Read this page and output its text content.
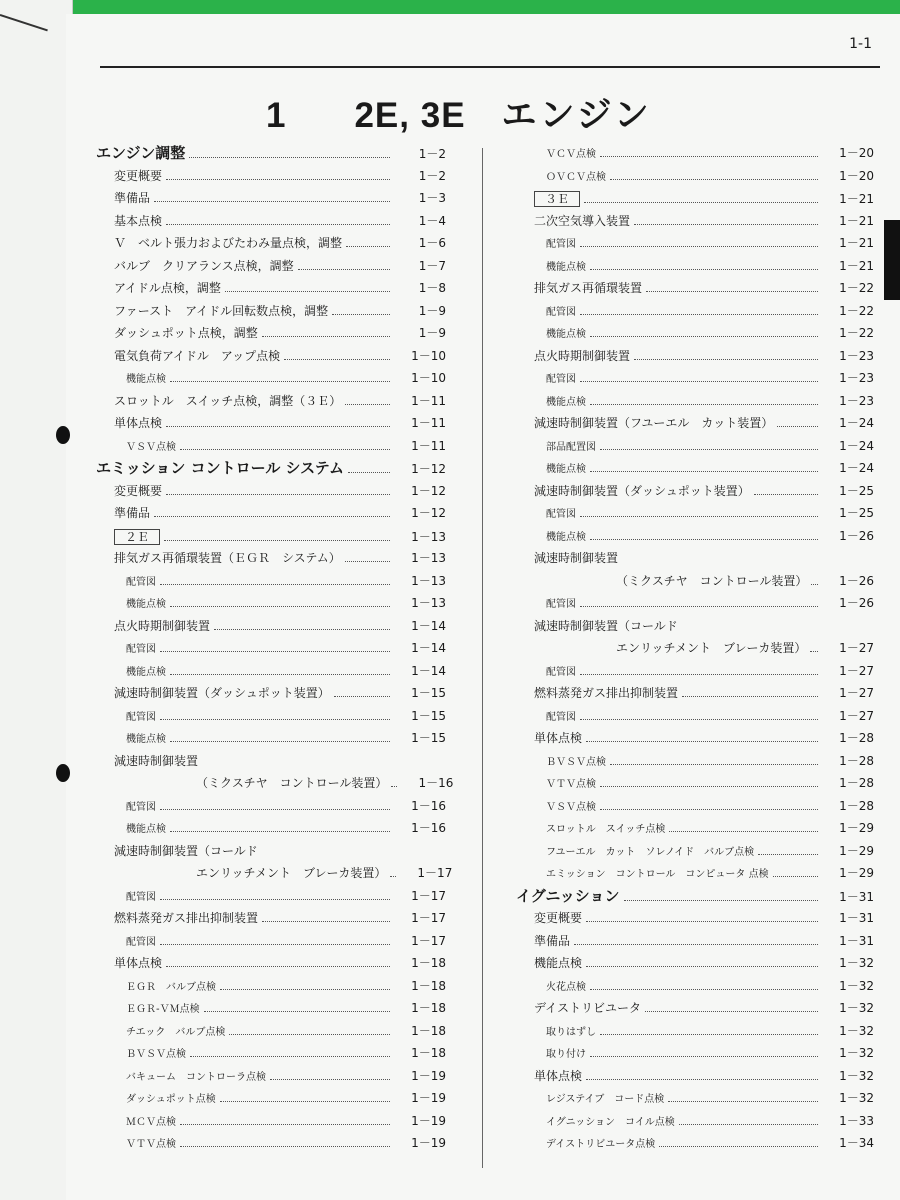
1-1
1 2E, 3E エンジン
エンジン調整	1－2
変更概要	1－2
準備品	1－3
基本点検	1－4
Ｖ　ベルト張力およびたわみ量点検，調整	1－6
バルブ　クリアランス点検，調整	1－7
アイドル点検，調整	1－8
ファースト　アイドル回転数点検，調整	1－9
ダッシュポット点検，調整	1－9
電気負荷アイドル　アップ点検	1－10
機能点検	1－10
スロットル　スイッチ点検，調整（３Ｅ）	1－11
単体点検	1－11
ＶＳＶ点検	1－11
エミッション コントロール システム	1－12
変更概要	1－12
準備品	1－12
２Ｅ	1－13
排気ガス再循環装置（ＥＧＲ　システム）	1－13
配管図	1－13
機能点検	1－13
点火時期制御装置	1－14
配管図	1－14
機能点検	1－14
減速時制御装置（ダッシュポット装置）	1－15
配管図	1－15
機能点検	1－15
減速時制御装置
（ミクスチヤ　コントロール装置）	1－16
配管図	1－16
機能点検	1－16
減速時制御装置（コールド
エンリッチメント　ブレーカ装置）	1－17
配管図	1－17
燃料蒸発ガス排出抑制装置	1－17
配管図	1－17
単体点検	1－18
ＥＧＲ　バルブ点検	1－18
ＥＧＲ-ＶＭ点検	1－18
チエック　バルブ点検	1－18
ＢＶＳＶ点検	1－18
バキューム　コントローラ点検	1－19
ダッシュポット点検	1－19
ＭＣＶ点検	1－19
ＶＴＶ点検	1－19
ＶＣＶ点検	1－20
ＯＶＣＶ点検	1－20
３Ｅ	1－21
二次空気導入装置	1－21
配管図	1－21
機能点検	1－21
排気ガス再循環装置	1－22
配管図	1－22
機能点検	1－22
点火時期制御装置	1－23
配管図	1－23
機能点検	1－23
減速時制御装置（フユーエル　カット装置）	1－24
部品配置図	1－24
機能点検	1－24
減速時制御装置（ダッシュポット装置）	1－25
配管図	1－25
機能点検	1－26
減速時制御装置
（ミクスチヤ　コントロール装置）	1－26
配管図	1－26
減速時制御装置（コールド
エンリッチメント　ブレーカ装置）	1－27
配管図	1－27
燃料蒸発ガス排出抑制装置	1－27
配管図	1－27
単体点検	1－28
ＢＶＳＶ点検	1－28
ＶＴＶ点検	1－28
ＶＳＶ点検	1－28
スロットル　スイッチ点検	1－29
フユーエル　カット　ソレノイド　バルブ点検	1－29
エミッション　コントロール　コンピュータ 点検	1－29
イグニッション	1－31
変更概要	1－31
準備品	1－31
機能点検	1－32
火花点検	1－32
デイストリビユータ	1－32
取りはずし	1－32
取り付け	1－32
単体点検	1－32
レジステイブ　コード点検	1－32
イグニッション　コイル点検	1－33
デイストリビユータ点検	1－34
